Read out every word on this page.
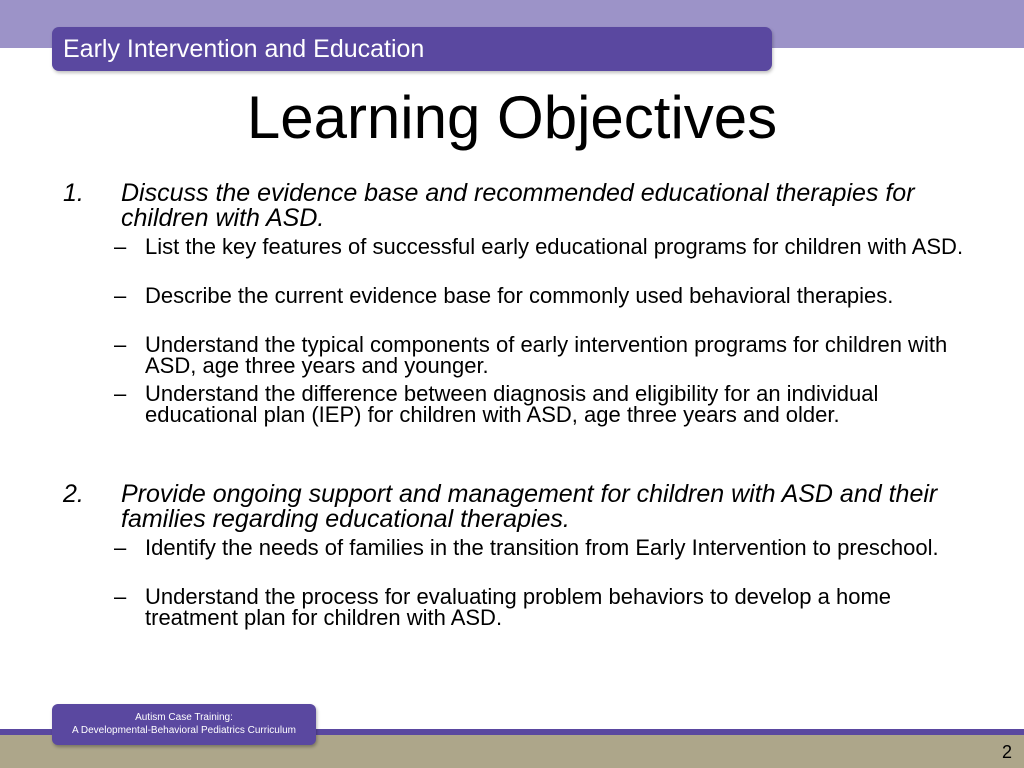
Early Intervention and Education
Learning Objectives
1. Discuss the evidence base and recommended educational therapies for children with ASD.

– List the key features of successful early educational programs for children with ASD.

– Describe the current evidence base for commonly used behavioral therapies.

– Understand the typical components of early intervention programs for children with ASD, age three years and younger.

– Understand the difference between diagnosis and eligibility for an individual educational plan (IEP) for children with ASD, age three years and older.

2. Provide ongoing support and management for children with ASD and their families regarding educational therapies.

– Identify the needs of families in the transition from Early Intervention to preschool.

– Understand the process for evaluating problem behaviors to develop a home treatment plan for children with ASD.

Autism Case Training:
A Developmental-Behavioral Pediatrics Curriculum
2
